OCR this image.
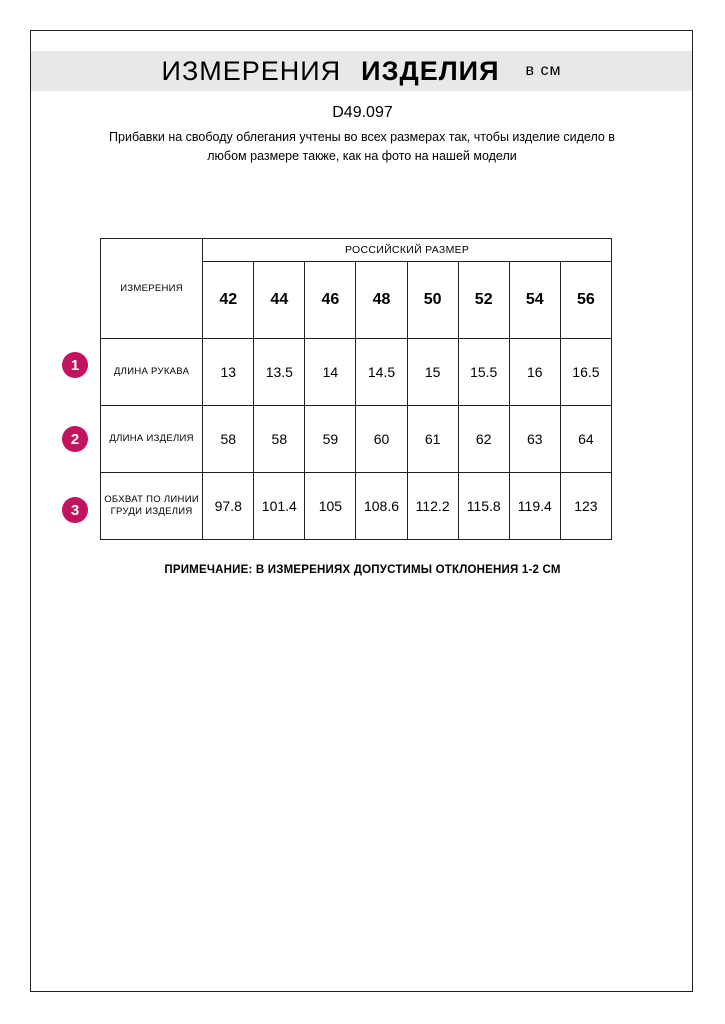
ИЗМЕРЕНИЯ ИЗДЕЛИЯ в см
D49.097
Прибавки на свободу облегания учтены во всех размерах так, чтобы изделие сидело в любом размере также, как на фото на нашей модели
ИЗМЕРЕНИЯ	РОССИЙСКИЙ РАЗМЕР							
	42	44	46	48	50	52	54	56
ДЛИНА РУКАВА	13	13.5	14	14.5	15	15.5	16	16.5
ДЛИНА ИЗДЕЛИЯ	58	58	59	60	61	62	63	64
ОБХВАТ ПО ЛИНИИ ГРУДИ ИЗДЕЛИЯ	97.8	101.4	105	108.6	112.2	115.8	119.4	123
1
2
3
ПРИМЕЧАНИЕ: В ИЗМЕРЕНИЯХ ДОПУСТИМЫ ОТКЛОНЕНИЯ 1-2 СМ
